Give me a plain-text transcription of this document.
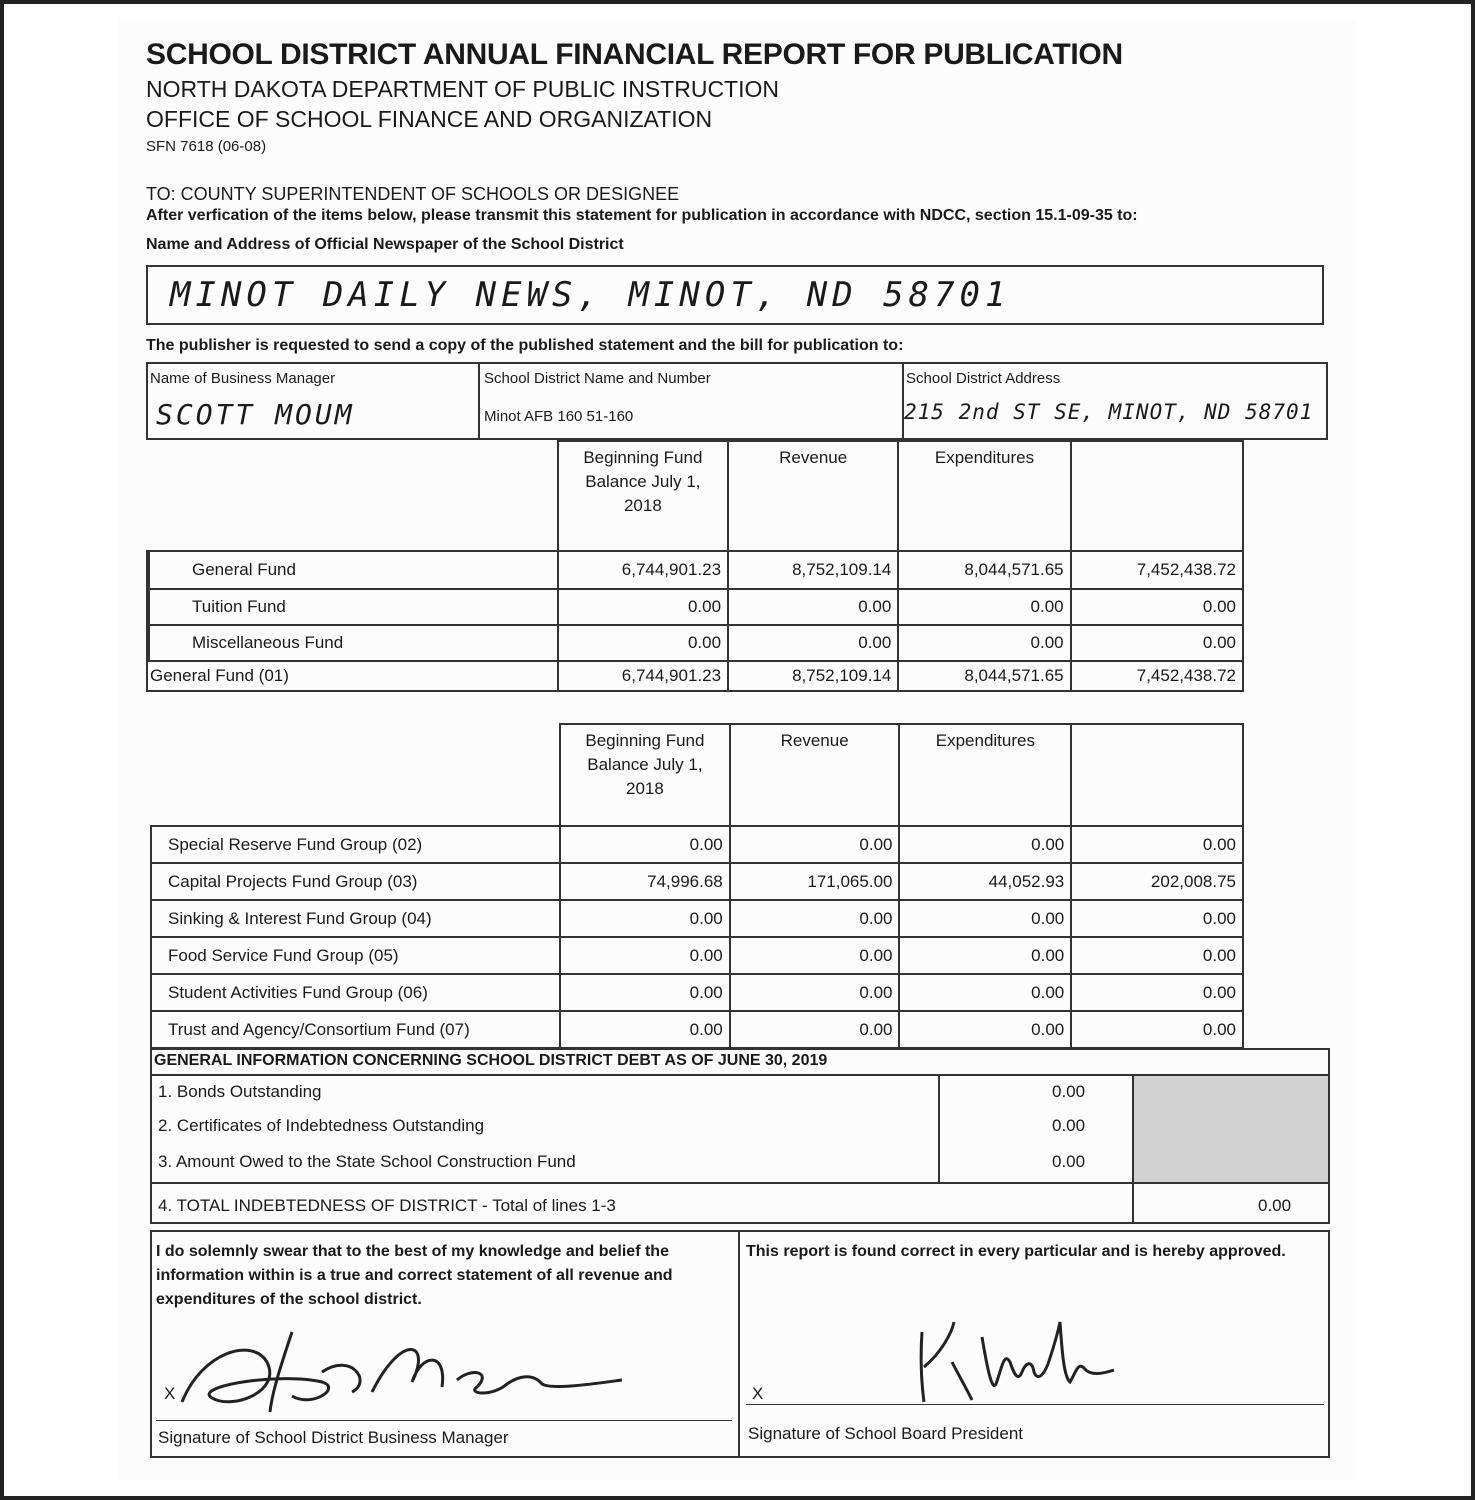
SCHOOL DISTRICT ANNUAL FINANCIAL REPORT FOR PUBLICATION
NORTH DAKOTA DEPARTMENT OF PUBLIC INSTRUCTION
OFFICE OF SCHOOL FINANCE AND ORGANIZATION
SFN 7618 (06-08)
TO: COUNTY SUPERINTENDENT OF SCHOOLS OR DESIGNEE
After verfication of the items below, please transmit this statement for publication in accordance with NDCC, section 15.1-09-35 to:
Name and Address of Official Newspaper of the School District
MINOT DAILY NEWS, MINOT, ND 58701
The publisher is requested to send a copy of the published statement and the bill for publication to:
Name of Business Manager
SCOTT MOUM
School District Name and Number
Minot AFB 160 51-160
School District Address
215 2nd ST SE, MINOT, ND 58701
	Beginning Fund Balance July 1, 2018	Revenue	Expenditures	
General Fund	6,744,901.23	8,752,109.14	8,044,571.65	7,452,438.72
Tuition Fund	0.00	0.00	0.00	0.00
Miscellaneous Fund	0.00	0.00	0.00	0.00
General Fund (01)	6,744,901.23	8,752,109.14	8,044,571.65	7,452,438.72
	Beginning Fund Balance July 1, 2018	Revenue	Expenditures	
Special Reserve Fund Group (02)	0.00	0.00	0.00	0.00
Capital Projects Fund Group (03)	74,996.68	171,065.00	44,052.93	202,008.75
Sinking & Interest Fund Group (04)	0.00	0.00	0.00	0.00
Food Service Fund Group (05)	0.00	0.00	0.00	0.00
Student Activities Fund Group (06)	0.00	0.00	0.00	0.00
Trust and Agency/Consortium Fund (07)	0.00	0.00	0.00	0.00
GENERAL INFORMATION CONCERNING SCHOOL DISTRICT DEBT AS OF JUNE 30, 2019
1. Bonds Outstanding	0.00
2. Certificates of Indebtedness Outstanding	0.00
3. Amount Owed to the State School Construction Fund	0.00
4. TOTAL INDEBTEDNESS OF DISTRICT - Total of lines 1-3	0.00
I do solemnly swear that to the best of my knowledge and belief the information within is a true and correct statement of all revenue and expenditures of the school district.
This report is found correct in every particular and is hereby approved.
X
Signature of School District Business Manager
X
Signature of School Board President
